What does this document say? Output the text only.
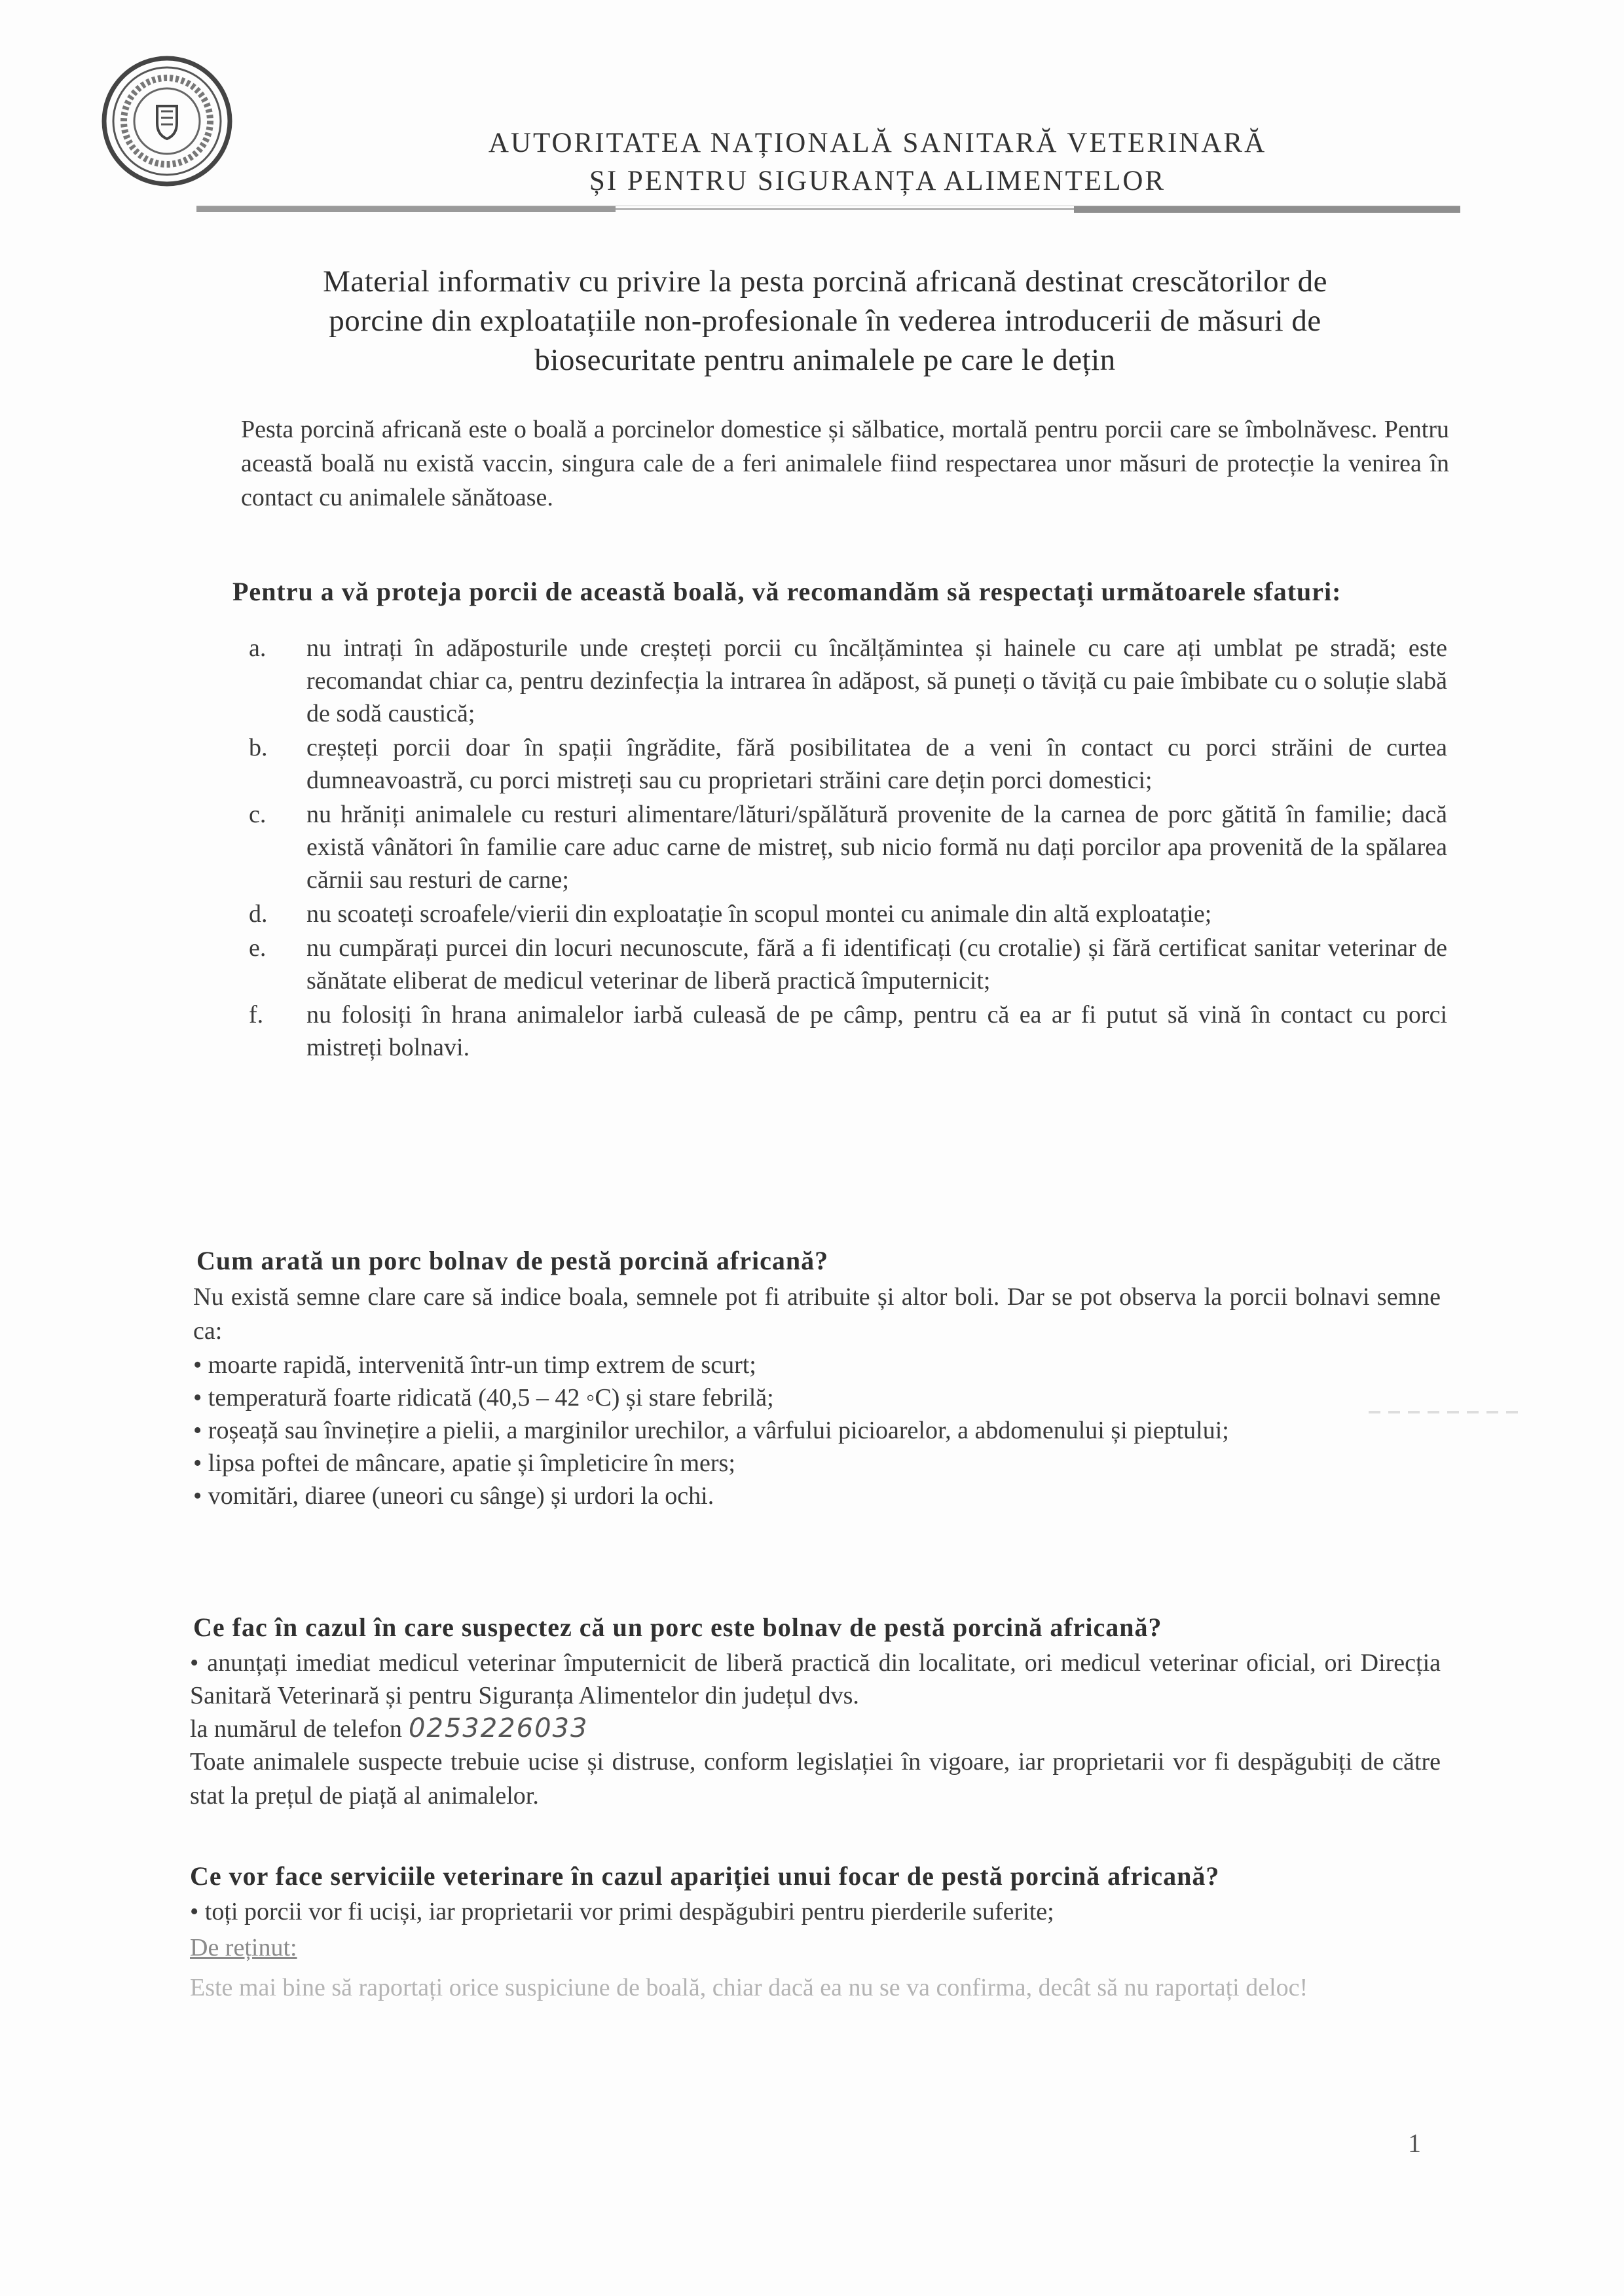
AUTORITATEA NAȚIONALĂ SANITARĂ VETERINARĂ
ȘI PENTRU SIGURANȚA ALIMENTELOR
Material informativ cu privire la pesta porcină africană destinat crescătorilor de
porcine din exploatațiile non-profesionale în vederea introducerii de măsuri de
biosecuritate pentru animalele pe care le dețin
Pesta porcină africană este o boală a porcinelor domestice și sălbatice, mortală pentru porcii care se îmbolnăvesc. Pentru această boală nu există vaccin, singura cale de a feri animalele fiind respectarea unor măsuri de protecție la venirea în contact cu animalele sănătoase.
Pentru a vă proteja porcii de această boală, vă recomandăm să respectați următoarele sfaturi:
a.	nu intrați în adăposturile unde creșteți porcii cu încălțămintea și hainele cu care ați umblat pe stradă; este recomandat chiar ca, pentru dezinfecția la intrarea în adăpost, să puneți o tăviță cu paie îmbibate cu o soluție slabă de sodă caustică;
b.	creșteți porcii doar în spații îngrădite, fără posibilitatea de a veni în contact cu porci străini de curtea dumneavoastră, cu porci mistreți sau cu proprietari străini care dețin porci domestici;
c.	nu hrăniți animalele cu resturi alimentare/lături/spălătură provenite de la carnea de porc gătită în familie; dacă există vânători în familie care aduc carne de mistreț, sub nicio formă nu dați porcilor apa provenită de la spălarea cărnii sau resturi de carne;
d.	nu scoateți scroafele/vierii din exploatație în scopul montei cu animale din altă exploatație;
e.	nu cumpărați purcei din locuri necunoscute, fără a fi identificați (cu crotalie) și fără certificat sanitar veterinar de sănătate eliberat de medicul veterinar de liberă practică împuternicit;
f.	nu folosiți în hrana animalelor iarbă culeasă de pe câmp, pentru că ea ar fi putut să vină în contact cu porci mistreți bolnavi.
Cum arată un porc bolnav de pestă porcină africană?
Nu există semne clare care să indice boala, semnele pot fi atribuite și altor boli. Dar se pot observa la porcii bolnavi semne ca:
• moarte rapidă, intervenită într-un timp extrem de scurt;
• temperatură foarte ridicată (40,5 – 42 ◦C) și stare febrilă;
• roșeață sau învinețire a pielii, a marginilor urechilor, a vârfului picioarelor, a abdomenului și pieptului;
• lipsa poftei de mâncare, apatie și împleticire în mers;
• vomitări, diaree (uneori cu sânge) și urdori la ochi.
Ce fac în cazul în care suspectez că un porc este bolnav de pestă porcină africană?
• anunțați imediat medicul veterinar împuternicit de liberă practică din localitate, ori medicul veterinar oficial, ori Direcția Sanitară Veterinară și pentru Siguranța Alimentelor din județul dvs.
la numărul de telefon 0253226033
Toate animalele suspecte trebuie ucise și distruse, conform legislației în vigoare, iar proprietarii vor fi despăgubiți de către stat la prețul de piață al animalelor.
Ce vor face serviciile veterinare în cazul apariției unui focar de pestă porcină africană?
• toți porcii vor fi uciși, iar proprietarii vor primi despăgubiri pentru pierderile suferite;
De reținut:
Este mai bine să raportați orice suspiciune de boală, chiar dacă ea nu se va confirma, decât să nu raportați deloc!
1
